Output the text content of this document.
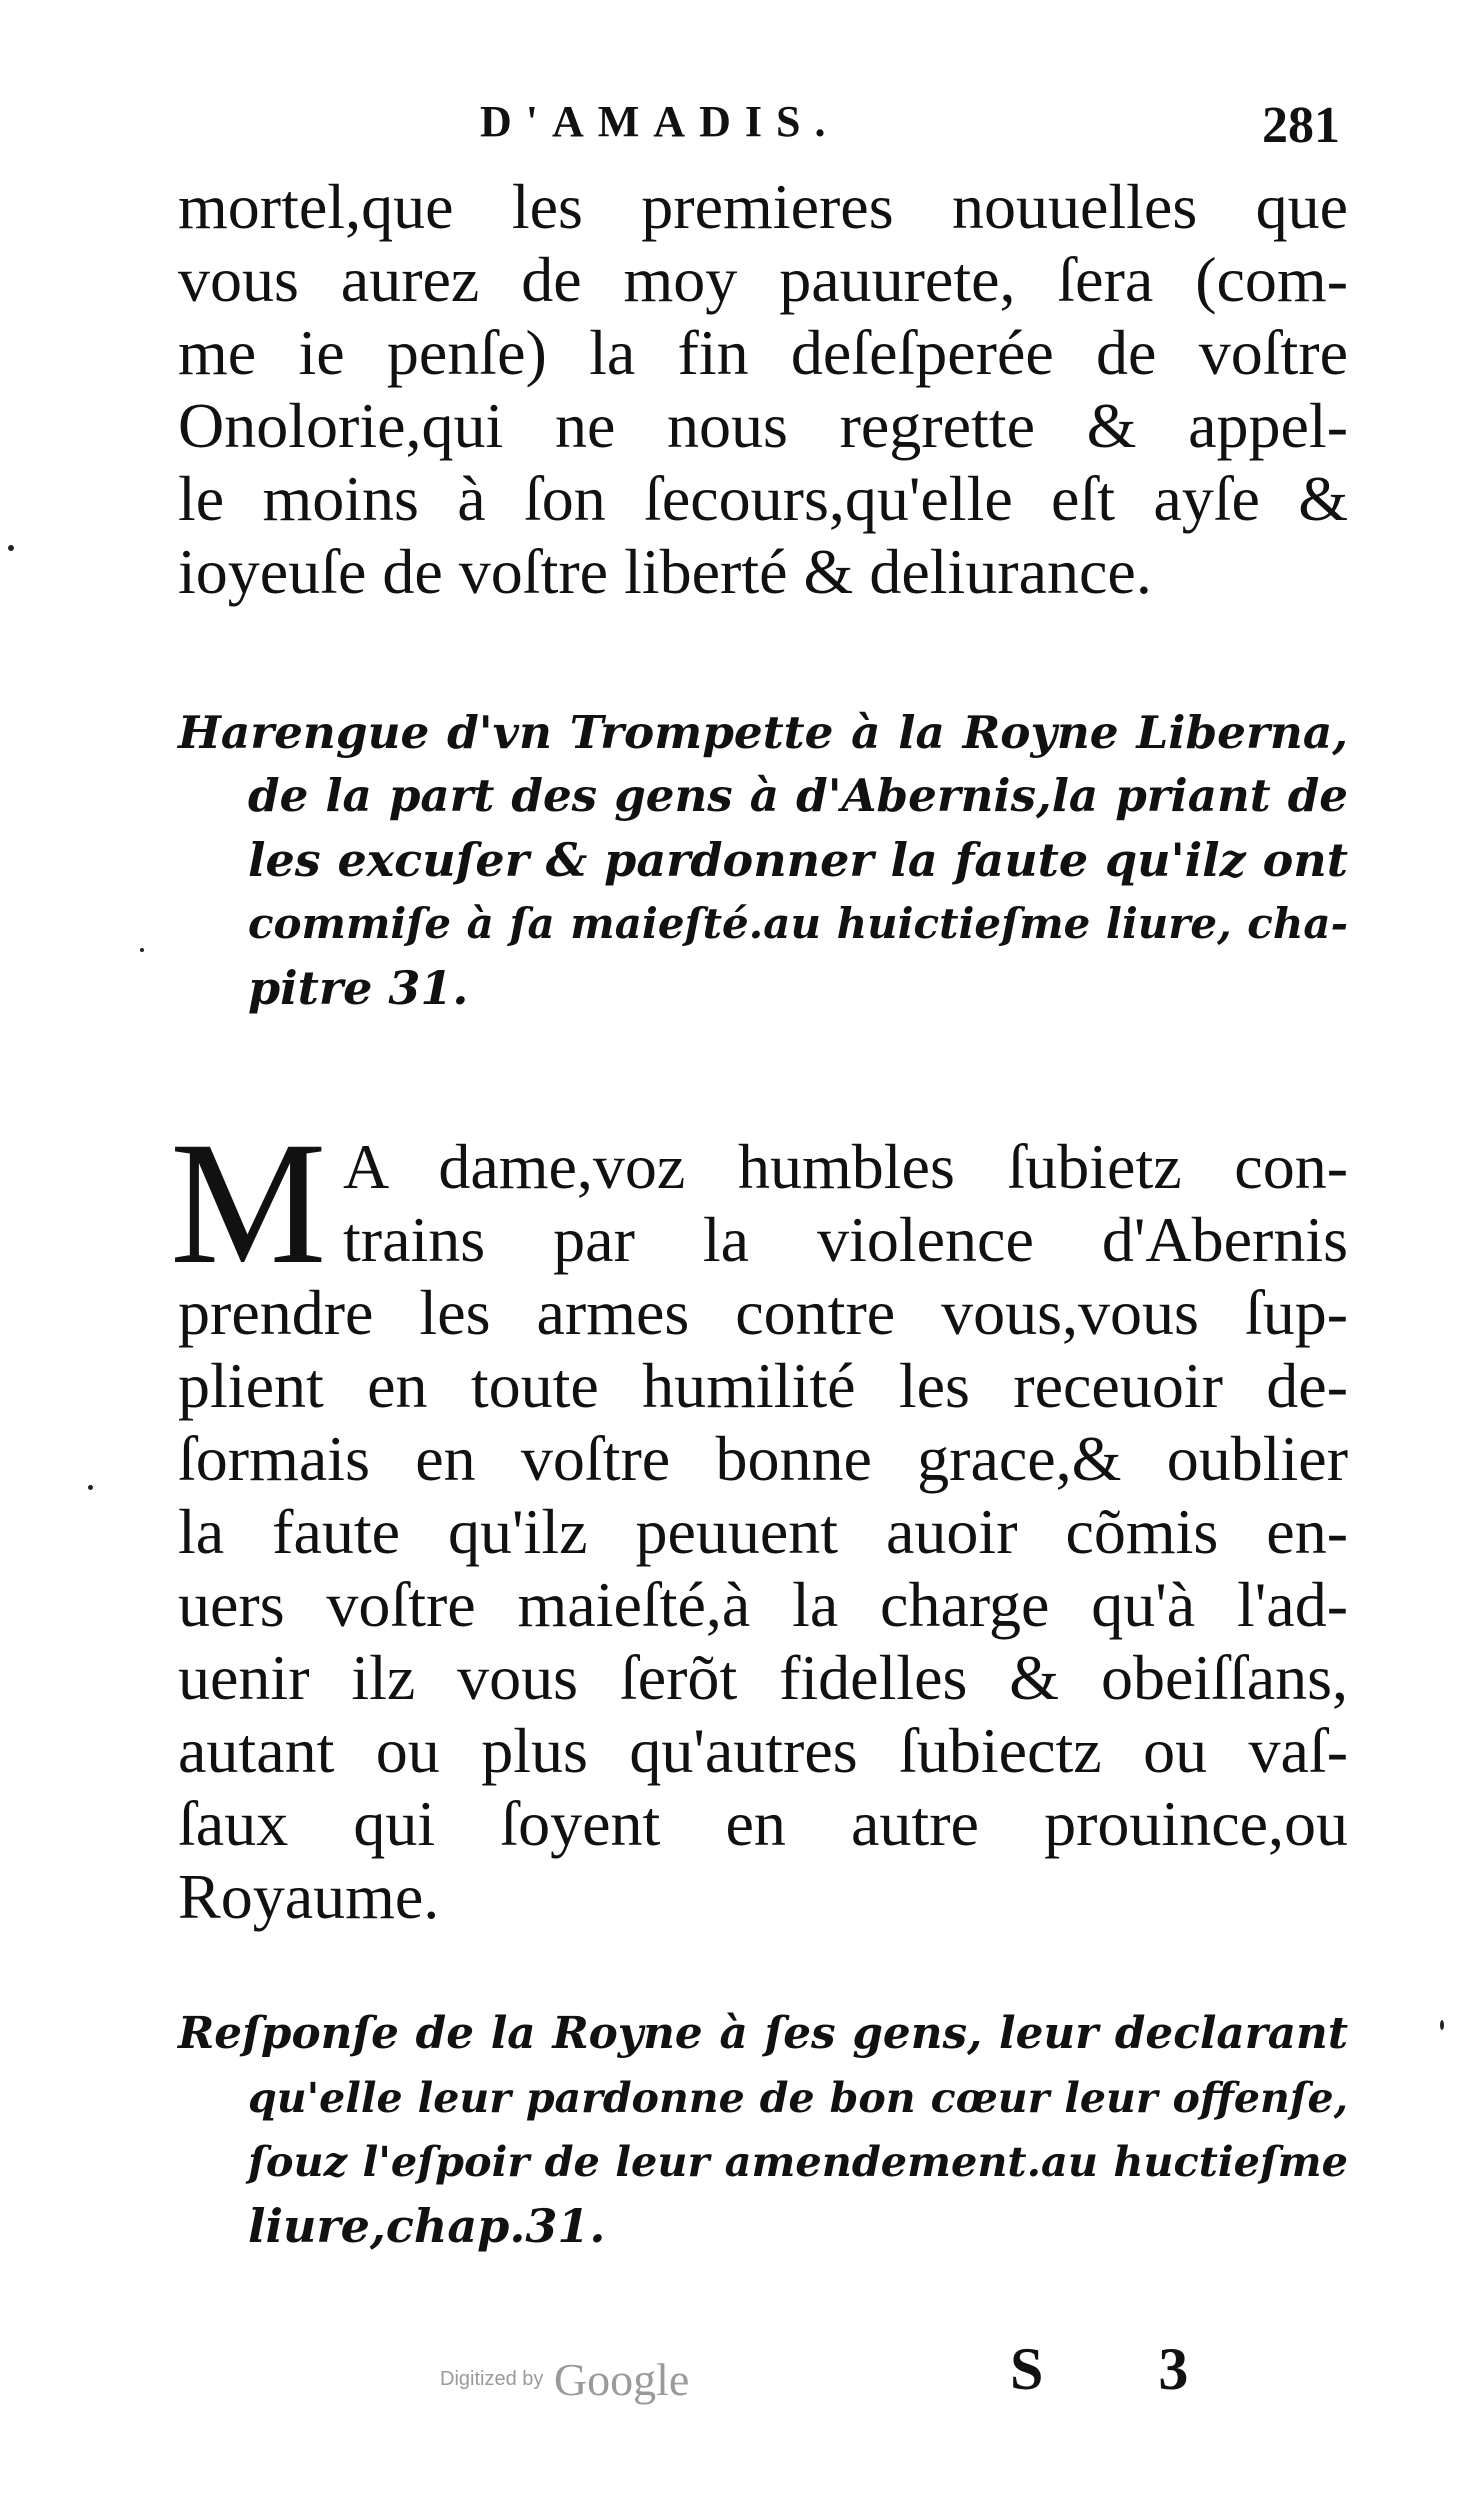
D'AMADIS.	281
mortel,que les premieres nouuelles que
vous aurez de moy pauurete, ſera (com-
me ie penſe) la fin deſeſperée de voſtre
Onolorie,qui ne nous regrette & appel-
le moins à ſon ſecours,qu'elle eſt ayſe &
ioyeuſe de voſtre liberté & deliurance.
Harengue d'vn Trompette à la Royne Liberna,
de la part des gens à d'Abernis,la priant de
les excuſer & pardonner la faute qu'ilz ont
commiſe à ſa maieſté.au huictieſme liure, cha-
pitre 31.
M A dame,voz humbles ſubietz con-
trains par la violence d'Abernis
prendre les armes contre vous,vous ſup-
plient en toute humilité les receuoir de-
ſormais en voſtre bonne grace,& oublier
la faute qu'ilz peuuent auoir cõmis en-
uers voſtre maieſté,à la charge qu'à l'ad-
uenir ilz vous ſerõt fidelles & obeiſſans,
autant ou plus qu'autres ſubiectz ou vaſ-
ſaux qui ſoyent en autre prouince,ou
Royaume.
Reſponſe de la Royne à ſes gens, leur declarant
qu'elle leur pardonne de bon cœur leur offenſe,
ſouz l'eſpoir de leur amendement.au huctieſme
liure,chap.31.
Digitized by Google	S 3
